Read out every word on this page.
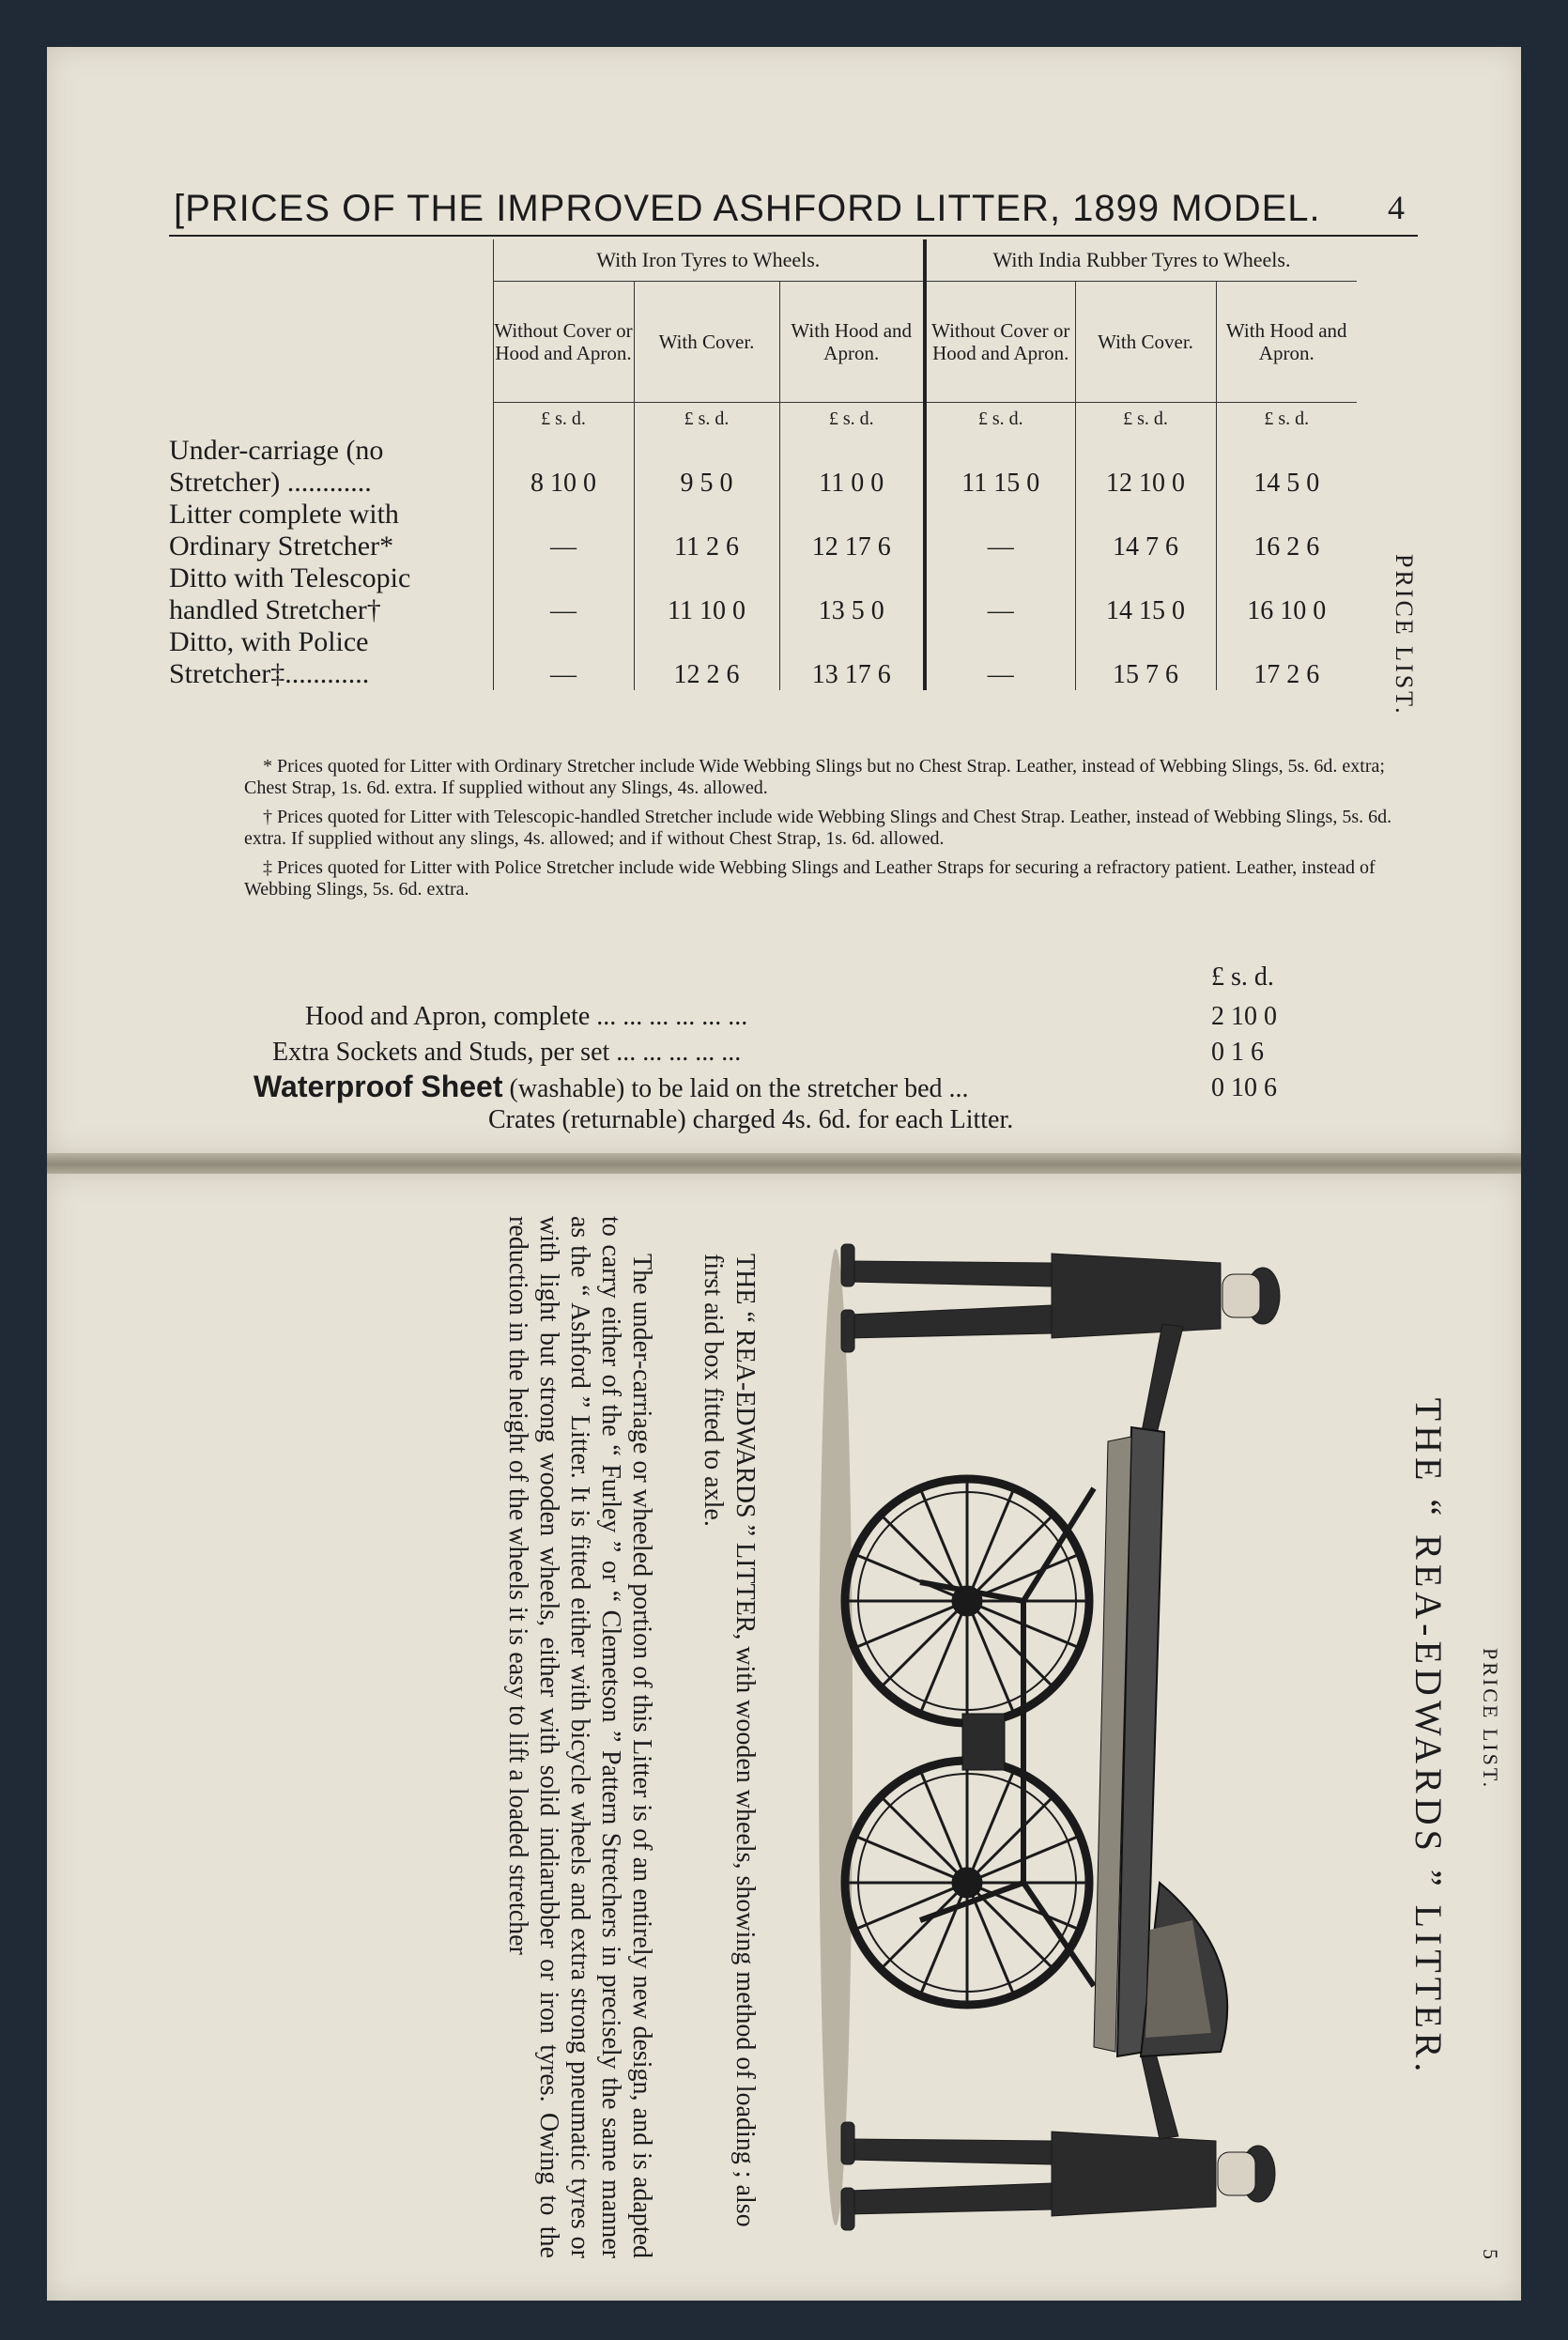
[PRICES OF THE IMPROVED ASHFORD LITTER, 1899 MODEL. 4
PRICE LIST.
	With Iron Tyres to Wheels.			With India Rubber Tyres to Wheels.		
	Without Cover or Hood and Apron.	With Cover.	With Hood and Apron.	Without Cover or Hood and Apron.	With Cover.	With Hood and Apron.
	£ s. d.	£ s. d.	£ s. d.	£ s. d.	£ s. d.	£ s. d.
Under-carriage (no Stretcher) ............	8 10 0	9 5 0	11 0 0	11 15 0	12 10 0	14 5 0
Litter complete with Ordinary Stretcher*	—	11 2 6	12 17 6	—	14 7 6	16 2 6
Ditto with Telescopic handled Stretcher†	—	11 10 0	13 5 0	—	14 15 0	16 10 0
Ditto, with Police Stretcher‡............	—	12 2 6	13 17 6	—	15 7 6	17 2 6

* Prices quoted for Litter with Ordinary Stretcher include Wide Webbing Slings but no Chest Strap. Leather, instead of Webbing Slings, 5s. 6d. extra; Chest Strap, 1s. 6d. extra. If supplied without any Slings, 4s. allowed.

† Prices quoted for Litter with Telescopic-handled Stretcher include wide Webbing Slings and Chest Strap. Leather, instead of Webbing Slings, 5s. 6d. extra. If supplied without any slings, 4s. allowed; and if without Chest Strap, 1s. 6d. allowed.

‡ Prices quoted for Litter with Police Stretcher include wide Webbing Slings and Leather Straps for securing a refractory patient. Leather, instead of Webbing Slings, 5s. 6d. extra.

£ s. d.
Hood and Apron, complete ... ... ... ... ... ...	2 10 0
Extra Sockets and Studs, per set ... ... ... ... ...	0 1 6
Waterproof Sheet (washable) to be laid on the stretcher bed ...	0 10 6
Crates (returnable) charged 4s. 6d. for each Litter.
PRICE LIST.
5
THE “ REA-EDWARDS ” LITTER.
THE “ REA-EDWARDS ” LITTER, with wooden wheels, showing method of loading ; also first aid box fitted to axle.
The under-carriage or wheeled portion of this Litter is of an entirely new design, and is adapted to carry either of the “ Furley ” or “ Clemetson ” Pattern Stretchers in precisely the same manner as the “ Ashford ” Litter. It is fitted either with bicycle wheels and extra strong pneumatic tyres or with light but strong wooden wheels, either with solid indiarubber or iron tyres. Owing to the reduction in the height of the wheels it is easy to lift a loaded stretcher
